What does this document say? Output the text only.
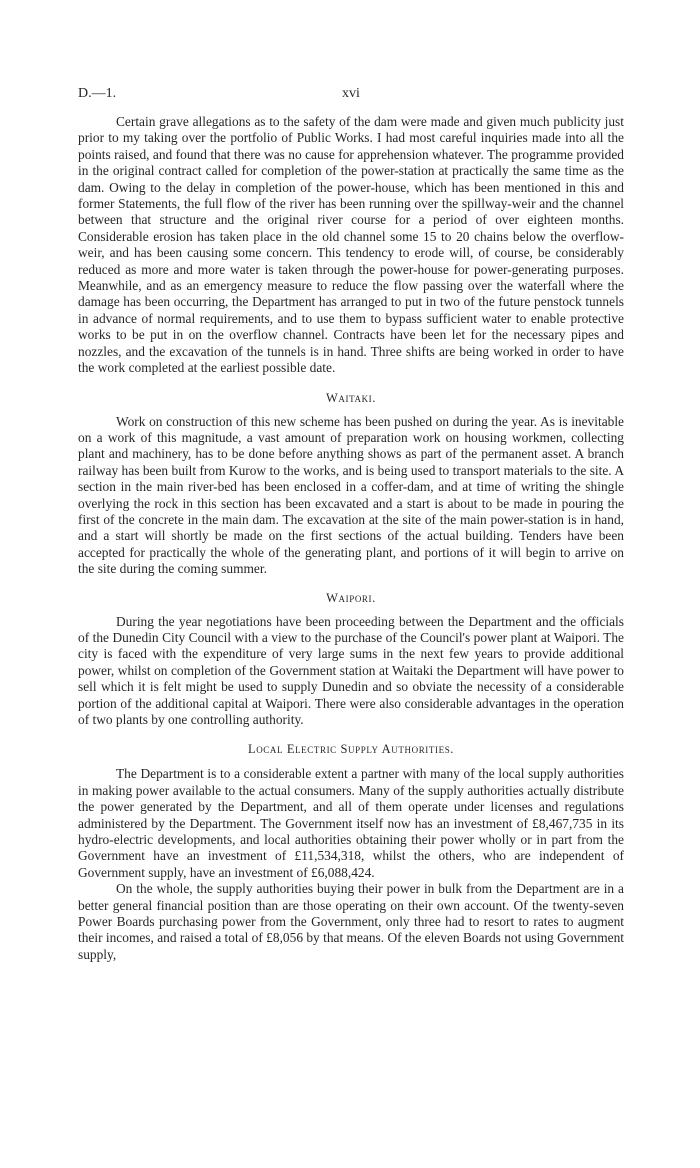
D.—1.	xvi

Certain grave allegations as to the safety of the dam were made and given much publicity just prior to my taking over the portfolio of Public Works. I had most careful inquiries made into all the points raised, and found that there was no cause for apprehension whatever. The programme provided in the original contract called for completion of the power-station at practically the same time as the dam. Owing to the delay in completion of the power-house, which has been mentioned in this and former Statements, the full flow of the river has been running over the spillway-weir and the channel between that structure and the original river course for a period of over eighteen months. Considerable erosion has taken place in the old channel some 15 to 20 chains below the overflow-weir, and has been causing some concern. This tendency to erode will, of course, be considerably reduced as more and more water is taken through the power-house for power-generating purposes. Meanwhile, and as an emergency measure to reduce the flow passing over the waterfall where the damage has been occurring, the Department has arranged to put in two of the future penstock tunnels in advance of normal requirements, and to use them to bypass sufficient water to enable protective works to be put in on the overflow channel. Contracts have been let for the necessary pipes and nozzles, and the excavation of the tunnels is in hand. Three shifts are being worked in order to have the work completed at the earliest possible date.

Waitaki.

Work on construction of this new scheme has been pushed on during the year. As is inevitable on a work of this magnitude, a vast amount of preparation work on housing workmen, collecting plant and machinery, has to be done before anything shows as part of the permanent asset. A branch railway has been built from Kurow to the works, and is being used to transport materials to the site. A section in the main river-bed has been enclosed in a coffer-dam, and at time of writing the shingle overlying the rock in this section has been excavated and a start is about to be made in pouring the first of the concrete in the main dam. The excavation at the site of the main power-station is in hand, and a start will shortly be made on the first sections of the actual building. Tenders have been accepted for practically the whole of the generating plant, and portions of it will begin to arrive on the site during the coming summer.

Waipori.

During the year negotiations have been proceeding between the Department and the officials of the Dunedin City Council with a view to the purchase of the Council's power plant at Waipori. The city is faced with the expenditure of very large sums in the next few years to provide additional power, whilst on completion of the Government station at Waitaki the Department will have power to sell which it is felt might be used to supply Dunedin and so obviate the necessity of a considerable portion of the additional capital at Waipori. There were also considerable advantages in the operation of two plants by one controlling authority.

Local Electric Supply Authorities.

The Department is to a considerable extent a partner with many of the local supply authorities in making power available to the actual consumers. Many of the supply authorities actually distribute the power generated by the Department, and all of them operate under licenses and regulations administered by the Department. The Government itself now has an investment of £8,467,735 in its hydro-electric developments, and local authorities obtaining their power wholly or in part from the Government have an investment of £11,534,318, whilst the others, who are independent of Government supply, have an investment of £6,088,424.

On the whole, the supply authorities buying their power in bulk from the Department are in a better general financial position than are those operating on their own account. Of the twenty-seven Power Boards purchasing power from the Government, only three had to resort to rates to augment their incomes, and raised a total of £8,056 by that means. Of the eleven Boards not using Government supply,
